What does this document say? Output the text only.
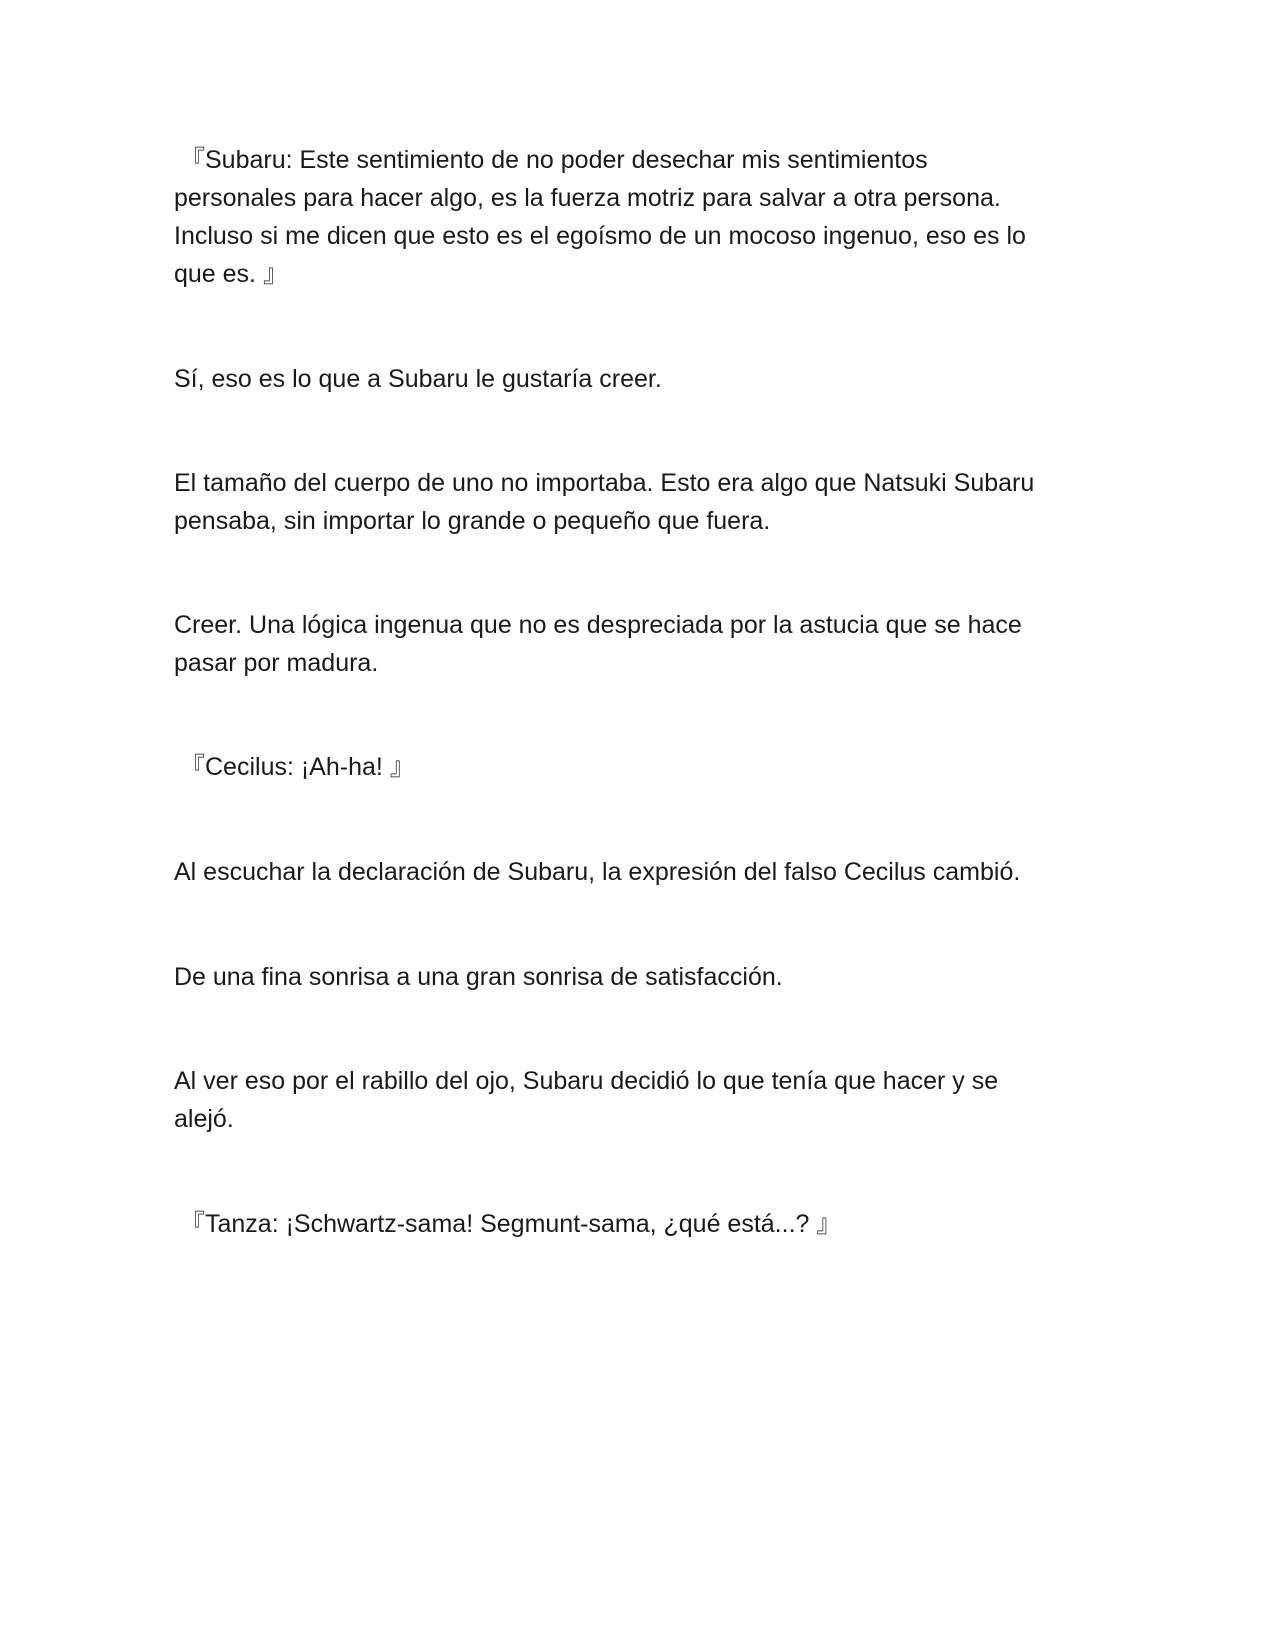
『Subaru: Este sentimiento de no poder desechar mis sentimientos
personales para hacer algo, es la fuerza motriz para salvar a otra persona.
Incluso si me dicen que esto es el egoísmo de un mocoso ingenuo, eso es lo
que es. 』

Sí, eso es lo que a Subaru le gustaría creer.

El tamaño del cuerpo de uno no importaba. Esto era algo que Natsuki Subaru
pensaba, sin importar lo grande o pequeño que fuera.

Creer. Una lógica ingenua que no es despreciada por la astucia que se hace
pasar por madura.

『Cecilus: ¡Ah-ha! 』

Al escuchar la declaración de Subaru, la expresión del falso Cecilus cambió.

De una fina sonrisa a una gran sonrisa de satisfacción.

Al ver eso por el rabillo del ojo, Subaru decidió lo que tenía que hacer y se
alejó.

『Tanza: ¡Schwartz-sama! Segmunt-sama, ¿qué está...? 』
